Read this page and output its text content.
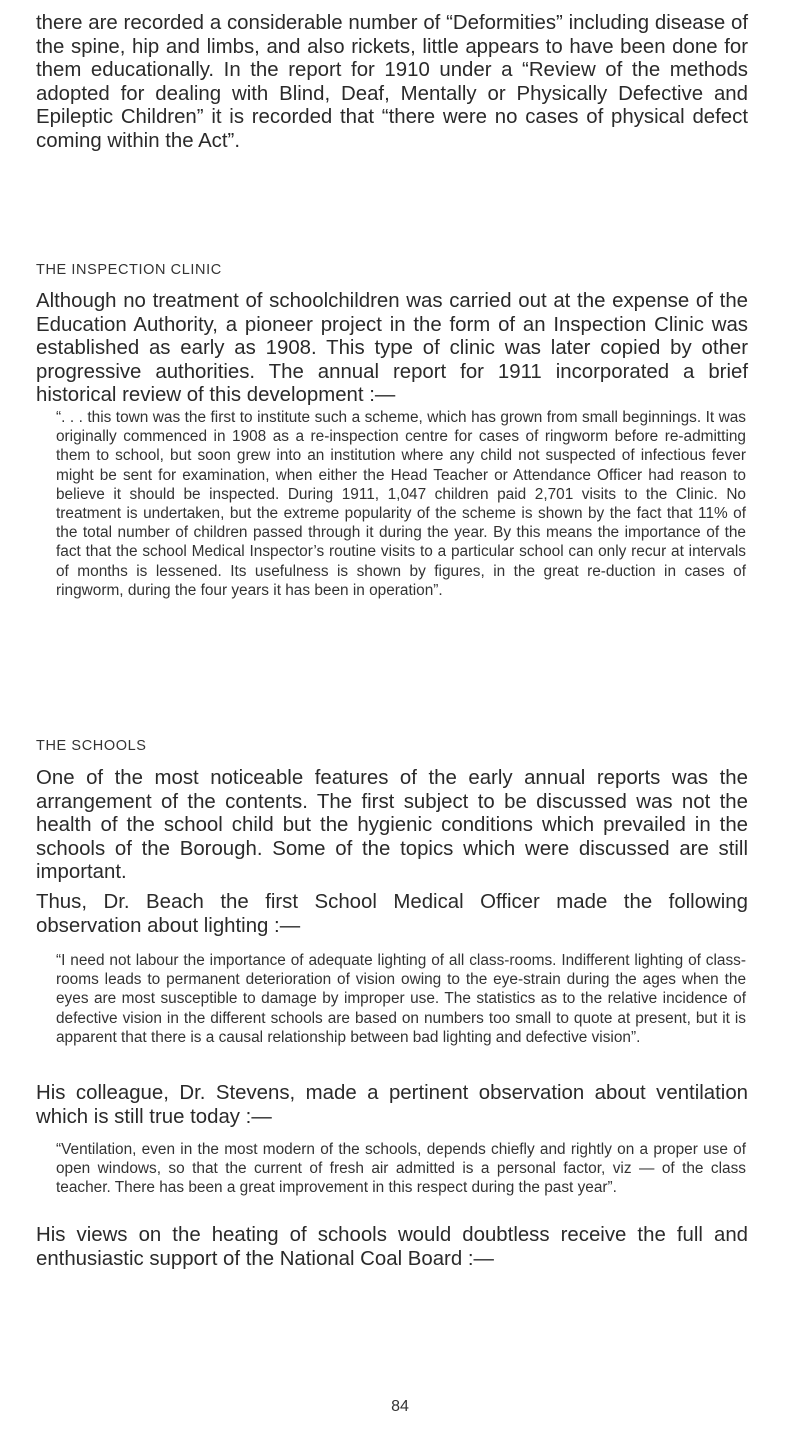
there are recorded a considerable number of “Deformities” including disease of the spine, hip and limbs, and also rickets, little appears to have been done for them educationally. In the report for 1910 under a “Review of the methods adopted for dealing with Blind, Deaf, Mentally or Physically Defective and Epileptic Children” it is recorded that “there were no cases of physical defect coming within the Act”.

THE INSPECTION CLINIC

Although no treatment of schoolchildren was carried out at the expense of the Education Authority, a pioneer project in the form of an Inspection Clinic was established as early as 1908. This type of clinic was later copied by other progressive authorities. The annual report for 1911 incorporated a brief historical review of this development :—

“. . . this town was the first to institute such a scheme, which has grown from small beginnings. It was originally commenced in 1908 as a re-inspection centre for cases of ringworm before re-admitting them to school, but soon grew into an institution where any child not suspected of infectious fever might be sent for examination, when either the Head Teacher or Attendance Officer had reason to believe it should be inspected. During 1911, 1,047 children paid 2,701 visits to the Clinic. No treatment is undertaken, but the extreme popularity of the scheme is shown by the fact that 11% of the total number of children passed through it during the year. By this means the importance of the fact that the school Medical Inspector’s routine visits to a particular school can only recur at intervals of months is lessened. Its usefulness is shown by figures, in the great re-duction in cases of ringworm, during the four years it has been in operation”.

THE SCHOOLS

One of the most noticeable features of the early annual reports was the arrangement of the contents. The first subject to be discussed was not the health of the school child but the hygienic conditions which prevailed in the schools of the Borough. Some of the topics which were discussed are still important.

Thus, Dr. Beach the first School Medical Officer made the following observation about lighting :—

“I need not labour the importance of adequate lighting of all class-rooms. Indifferent lighting of class-rooms leads to permanent deterioration of vision owing to the eye-strain during the ages when the eyes are most susceptible to damage by improper use. The statistics as to the relative incidence of defective vision in the different schools are based on numbers too small to quote at present, but it is apparent that there is a causal relationship between bad lighting and defective vision”.

His colleague, Dr. Stevens, made a pertinent observation about ventilation which is still true today :—

“Ventilation, even in the most modern of the schools, depends chiefly and rightly on a proper use of open windows, so that the current of fresh air admitted is a personal factor, viz — of the class teacher. There has been a great improvement in this respect during the past year”.

His views on the heating of schools would doubtless receive the full and enthusiastic support of the National Coal Board :—

84
